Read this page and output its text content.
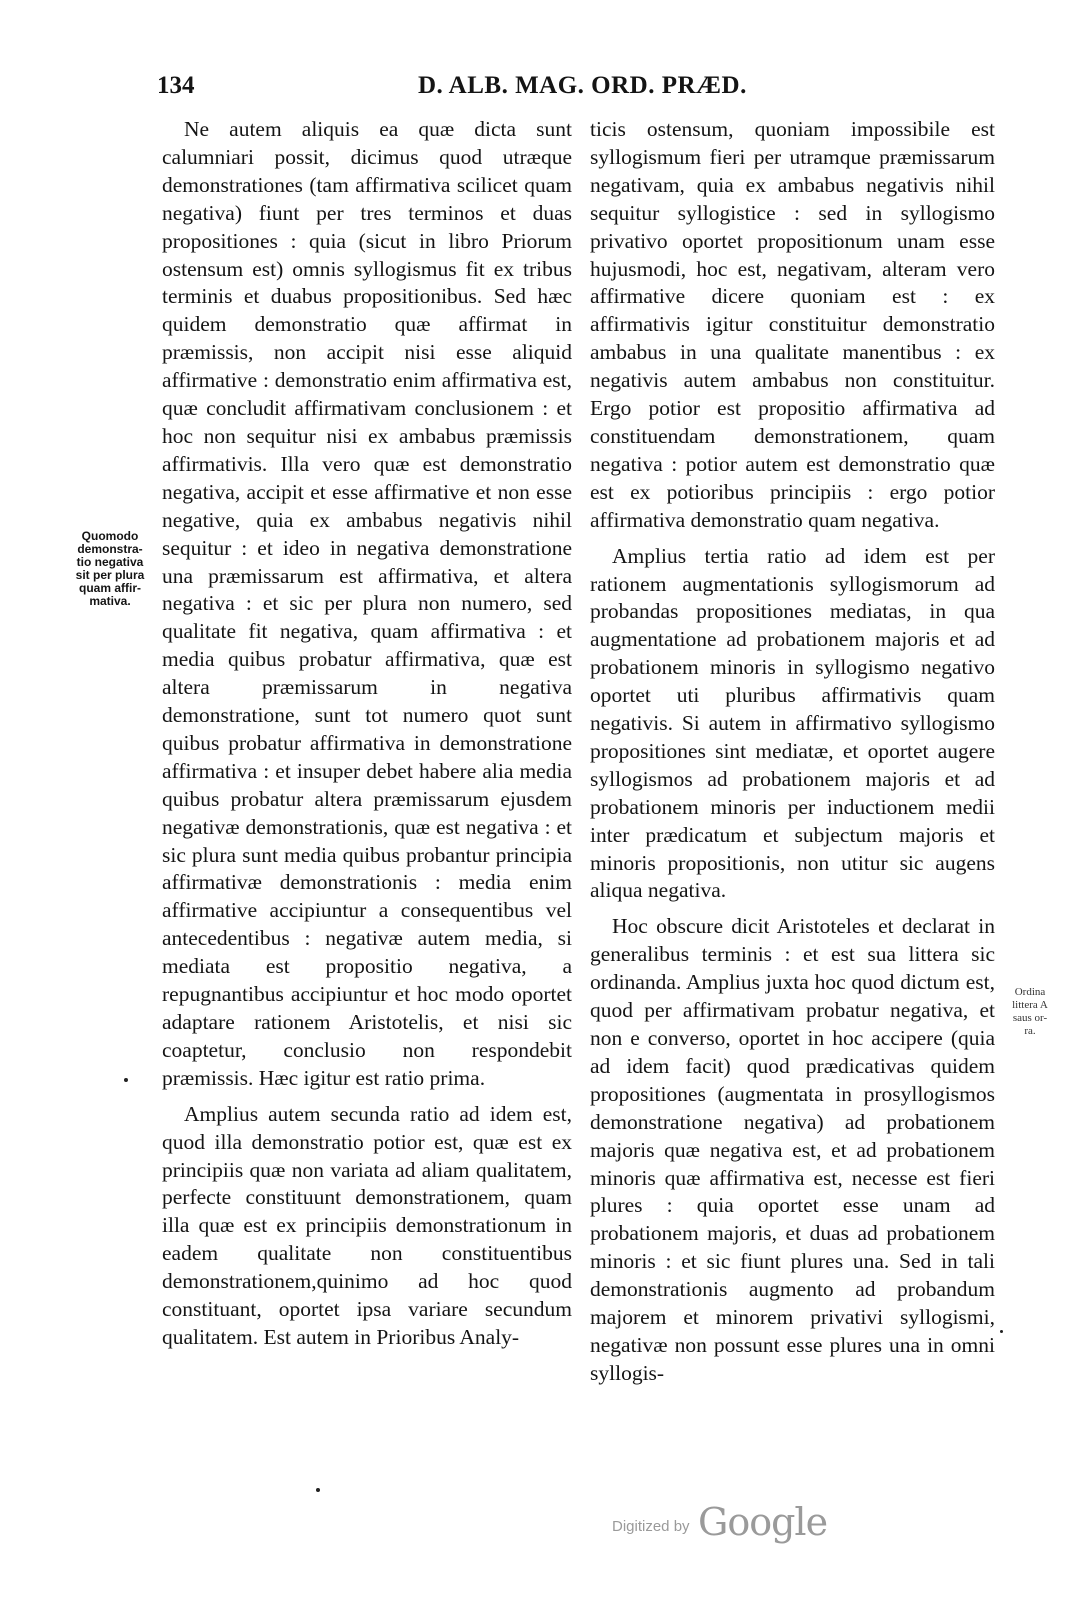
134	D. ALB. MAG. ORD. PRÆD.
Quomodo
demonstra-
tio negativa
sit per plura
quam affir-
mativa.
Ordina
littera A
saus or-
ra.

Ne autem aliquis ea quæ dicta sunt calumniari possit, dicimus quod utræque demonstrationes (tam affirmativa scilicet quam negativa) fiunt per tres terminos et duas propositiones : quia (sicut in libro Priorum ostensum est) omnis syllogismus fit ex tribus terminis et duabus propositionibus. Sed hæc quidem demonstratio quæ affirmat in præmissis, non accipit nisi esse aliquid affirmative : demonstratio enim affirmativa est, quæ concludit affirmativam conclusionem : et hoc non sequitur nisi ex ambabus præmissis affirmativis. Illa vero quæ est demonstratio negativa, accipit et esse affirmative et non esse negative, quia ex ambabus negativis nihil sequitur : et ideo in negativa demonstratione una præmissarum est affirmativa, et altera negativa : et sic per plura non numero, sed qualitate fit negativa, quam affirmativa : et media quibus probatur affirmativa, quæ est altera præmissarum in negativa demonstratione, sunt tot numero quot sunt quibus probatur affirmativa in demonstratione affirmativa : et insuper debet habere alia media quibus probatur altera præmissarum ejusdem negativæ demonstrationis, quæ est negativa : et sic plura sunt media quibus probantur principia affirmativæ demonstrationis : media enim affirmative accipiuntur a consequentibus vel antecedentibus : negativæ autem media, si mediata est propositio negativa, a repugnantibus accipiuntur et hoc modo oportet adaptare rationem Aristotelis, et nisi sic coaptetur, conclusio non respondebit præmissis. Hæc igitur est ratio prima.

Amplius autem secunda ratio ad idem est, quod illa demonstratio potior est, quæ est ex principiis quæ non variata ad aliam qualitatem, perfecte constituunt demonstrationem, quam illa quæ est ex principiis demonstrationum in eadem qualitate non constituentibus demonstrationem,quinimo ad hoc quod constituant, oportet ipsa variare secundum qualitatem. Est autem in Prioribus Analy-

ticis ostensum, quoniam impossibile est syllogismum fieri per utramque præmissarum negativam, quia ex ambabus negativis nihil sequitur syllogistice : sed in syllogismo privativo oportet propositionum unam esse hujusmodi, hoc est, negativam, alteram vero affirmative dicere quoniam est : ex affirmativis igitur constituitur demonstratio ambabus in una qualitate manentibus : ex negativis autem ambabus non constituitur. Ergo potior est propositio affirmativa ad constituendam demonstrationem, quam negativa : potior autem est demonstratio quæ est ex potioribus principiis : ergo potior affirmativa demonstratio quam negativa.

Amplius tertia ratio ad idem est per rationem augmentationis syllogismorum ad probandas propositiones mediatas, in qua augmentatione ad probationem majoris et ad probationem minoris in syllogismo negativo oportet uti pluribus affirmativis quam negativis. Si autem in affirmativo syllogismo propositiones sint mediatæ, et oportet augere syllogismos ad probationem majoris et ad probationem minoris per inductionem medii inter prædicatum et subjectum majoris et minoris propositionis, non utitur sic augens aliqua negativa.

Hoc obscure dicit Aristoteles et declarat in generalibus terminis : et est sua littera sic ordinanda. Amplius juxta hoc quod dictum est, quod per affirmativam probatur negativa, et non e converso, oportet in hoc accipere (quia ad idem facit) quod prædicativas quidem propositiones (augmentata in prosyllogismos demonstratione negativa) ad probationem majoris quæ negativa est, et ad probationem minoris quæ affirmativa est, necesse est fieri plures : quia oportet esse unam ad probationem majoris, et duas ad probationem minoris : et sic fiunt plures una. Sed in tali demonstrationis augmento ad probandum majorem et minorem privativi syllogismi, negativæ non possunt esse plures una in omni syllogis-

Digitized by Google
